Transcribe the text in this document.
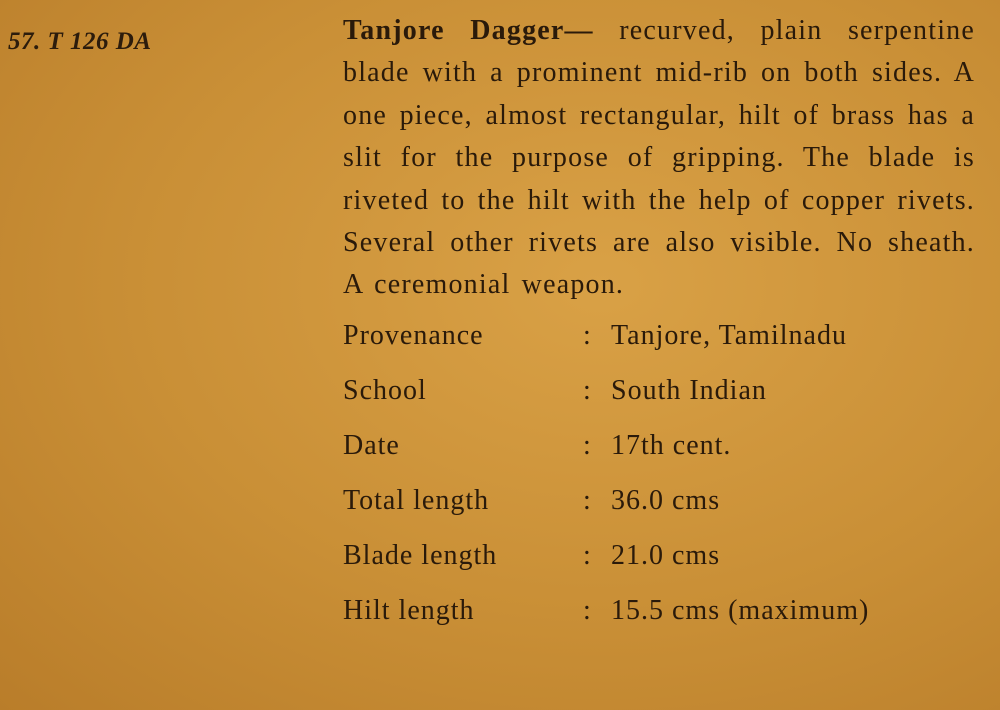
57. T 126 DA	Tanjore Dagger— recurved, plain serpentine blade with a prominent mid-rib on both sides. A one piece, almost rectangular, hilt of brass has a slit for the purpose of gripping. The blade is riveted to the hilt with the help of copper rivets. Several other rivets are also visible. No sheath. A ceremonial weapon.

Provenance	: Tanjore, Tamilnadu
School	: South Indian
Date	: 17th cent.
Total length	: 36.0 cms
Blade length	: 21.0 cms
Hilt length	: 15.5 cms (maximum)
